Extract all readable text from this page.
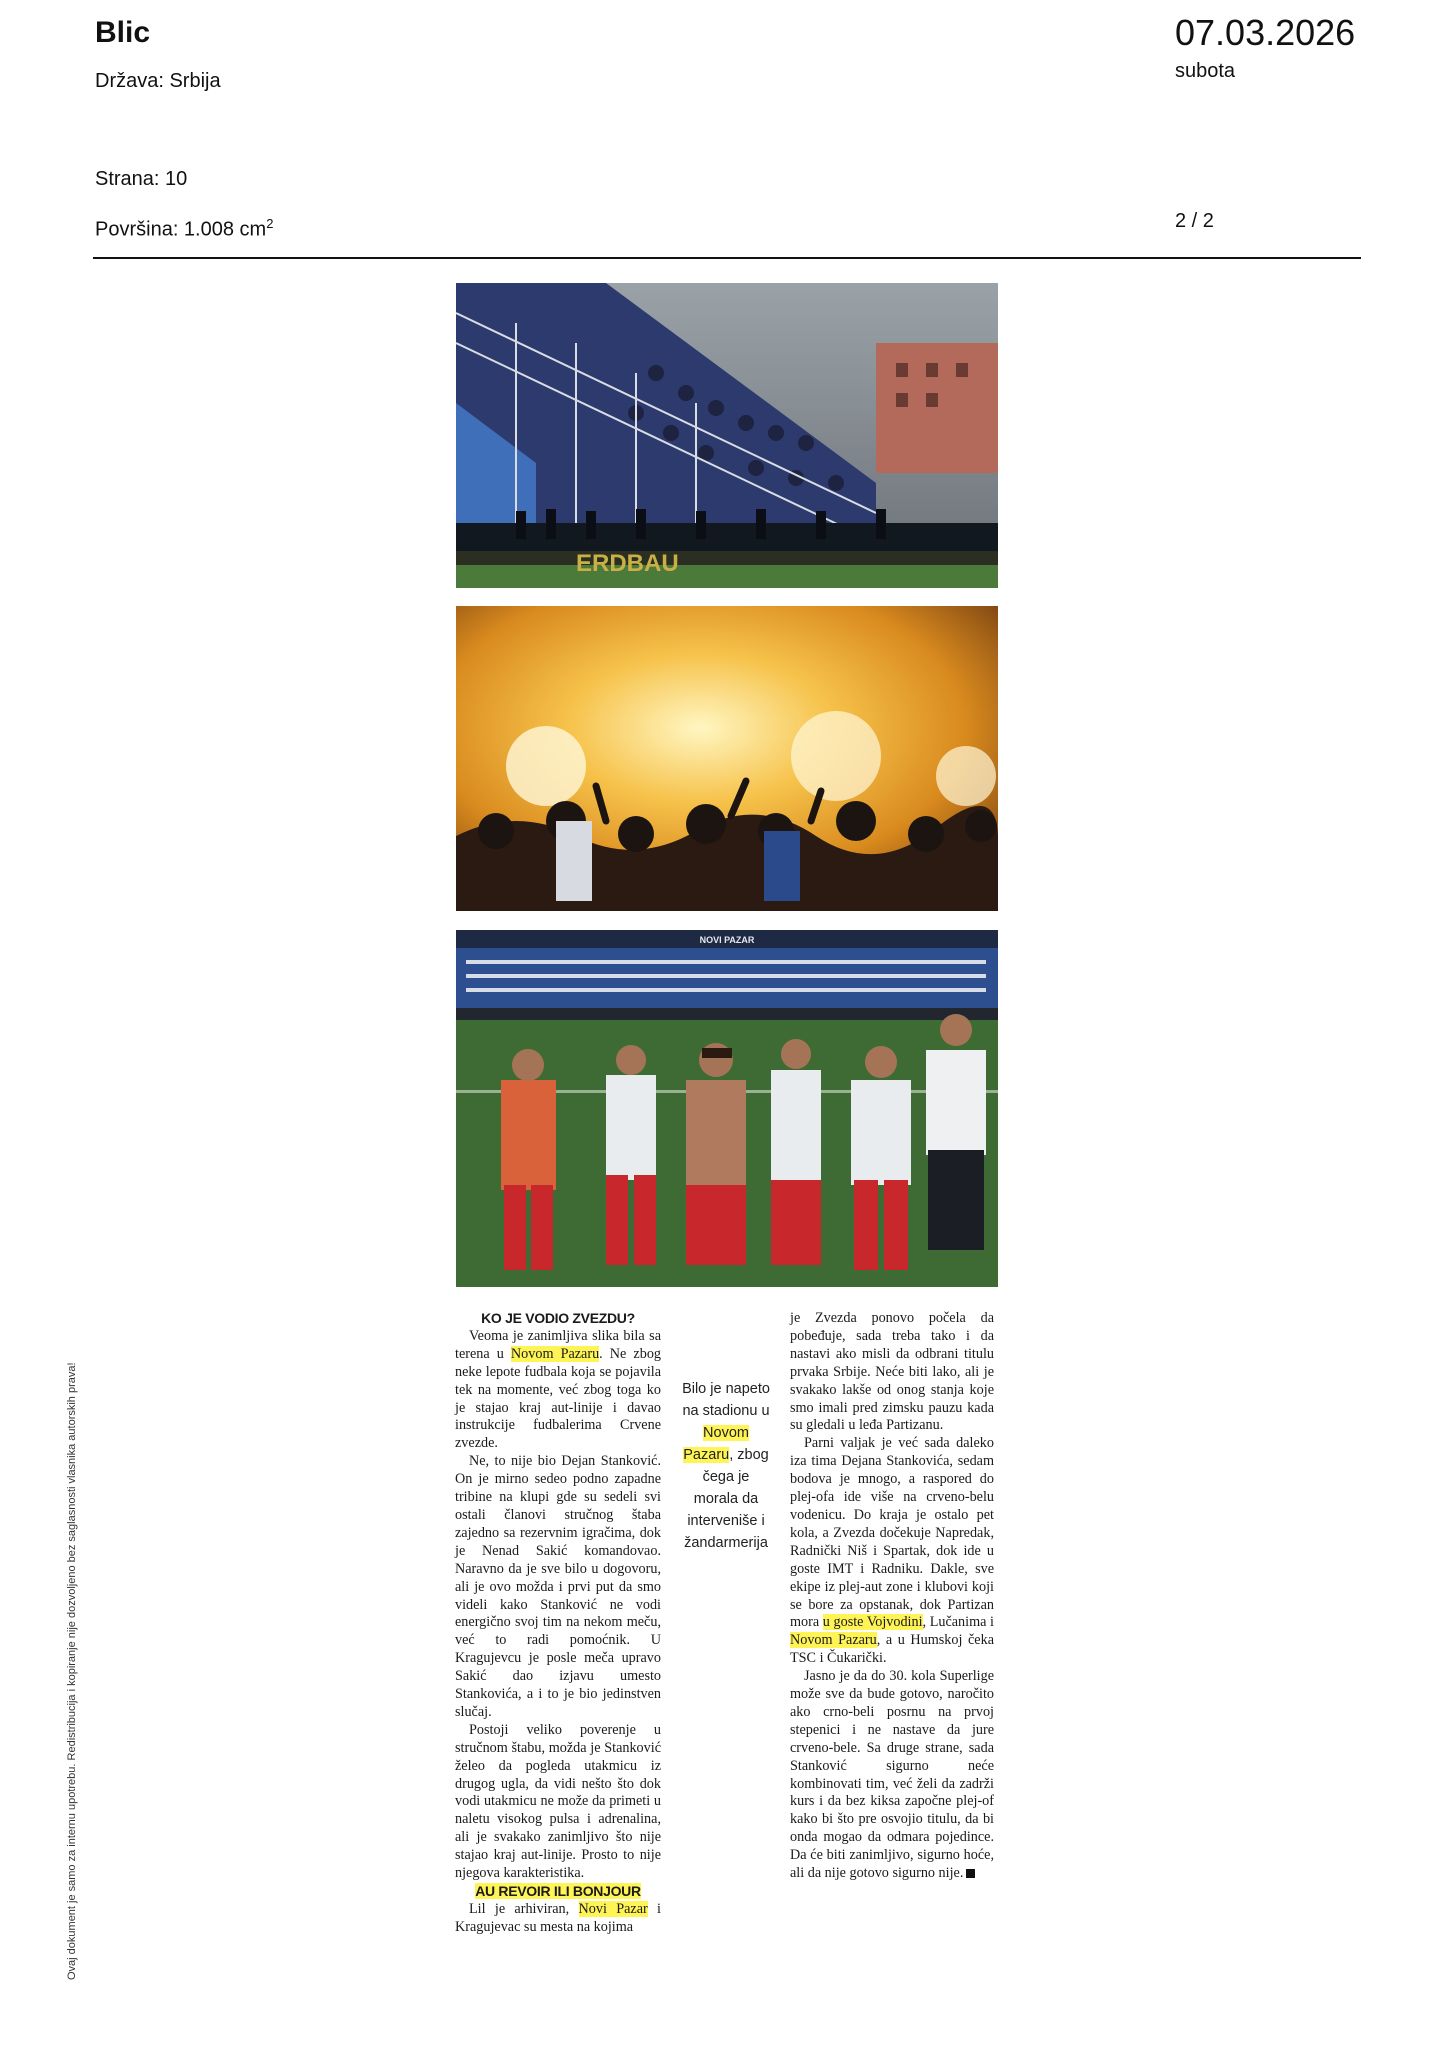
Blic
Država: Srbija
Strana: 10
Površina: 1.008 $cm^2$
07.03.2026
subota
2 / 2
Ovaj dokument je samo za internu upotrebu. Redistribucija i kopiranje nije dozvoljeno bez saglasnosti vlasnika autorskih prava!
ERDBAU
NOVI PAZAR
KO JE VODIO ZVEZDU?

Veoma je zanimljiva slika bila sa terena u Novom Pazaru. Ne zbog neke lepote fudbala koja se pojavila tek na momente, već zbog toga ko je stajao kraj aut-linije i davao instrukcije fudbalerima Crvene zvezde.

Ne, to nije bio Dejan Stanković. On je mirno sedeo podno zapadne tribine na klupi gde su sedeli svi ostali članovi stručnog štaba zajedno sa rezervnim igračima, dok je Nenad Sakić komandovao. Naravno da je sve bilo u dogovoru, ali je ovo možda i prvi put da smo videli kako Stanković ne vodi energično svoj tim na nekom meču, već to radi pomoćnik. U Kragujevcu je posle meča upravo Sakić dao izjavu umesto Stankovića, a i to je bio jedinstven slučaj.

Postoji veliko poverenje u stručnom štabu, možda je Stanković želeo da pogleda utakmicu iz drugog ugla, da vidi nešto što dok vodi utakmicu ne može da primeti u naletu visokog pulsa i adrenalina, ali je svakako zanimljivo što nije stajao kraj aut-linije. Prosto to nije njegova karakteristika.

AU REVOIR ILI BONJOUR

Lil je arhiviran, Novi Pazar i Kragujevac su mesta na kojima

Bilo je napeto na stadionu u Novom Pazaru, zbog čega je morala da interveniše i žandarmerija

je Zvezda ponovo počela da pobeđuje, sada treba tako i da nastavi ako misli da odbrani titulu prvaka Srbije. Neće biti lako, ali je svakako lakše od onog stanja koje smo imali pred zimsku pauzu kada su gledali u leđa Partizanu.

Parni valjak je već sada daleko iza tima Dejana Stankovića, sedam bodova je mnogo, a raspored do plej-ofa ide više na crveno-belu vodenicu. Do kraja je ostalo pet kola, a Zvezda dočekuje Napredak, Radnički Niš i Spartak, dok ide u goste IMT i Radniku. Dakle, sve ekipe iz plej-aut zone i klubovi koji se bore za opstanak, dok Partizan mora u goste Vojvodini, Lučanima i Novom Pazaru, a u Humskoj čeka TSC i Čukarički.

Jasno je da do 30. kola Superlige može sve da bude gotovo, naročito ako crno-beli posrnu na prvoj stepenici i ne nastave da jure crveno-bele. Sa druge strane, sada Stanković sigurno neće kombinovati tim, već želi da zadrži kurs i da bez kiksa započne plej-of kako bi što pre osvojio titulu, da bi onda mogao da odmara pojedince. Da će biti zanimljivo, sigurno hoće, ali da nije gotovo sigurno nije.
